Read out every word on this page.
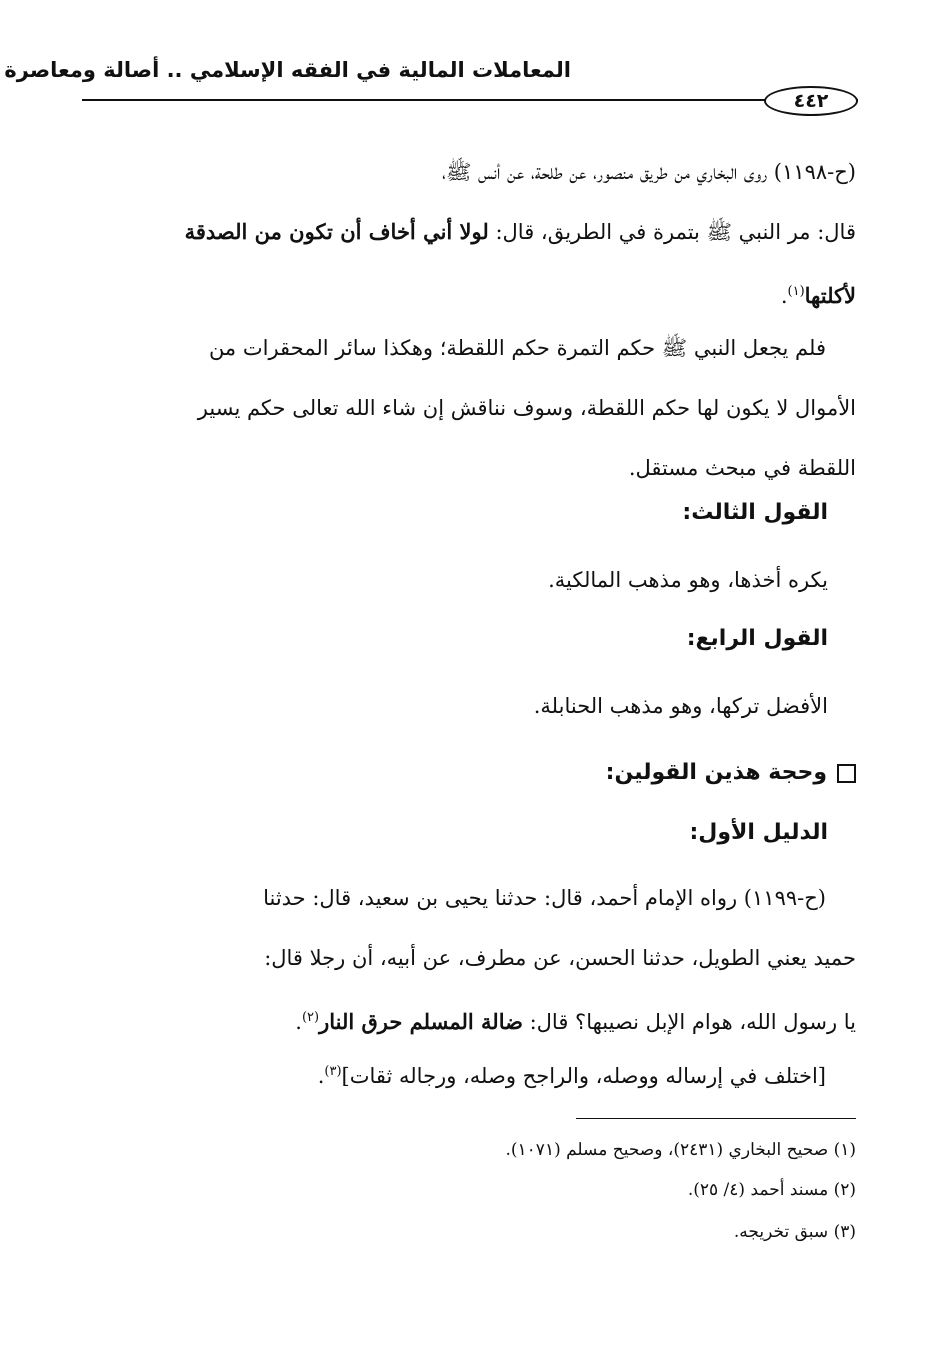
المعاملات المالية في الفقه الإسلامي .. أصالة ومعاصرة
٤٤٢
(ح-١١٩٨) روى البخاري من طريق منصور، عن طلحة، عن أنس ﷺ،
قال: مر النبي ﷺ بتمرة في الطريق، قال: لولا أني أخاف أن تكون من الصدقة
لأكلتها$^{(١)}$.
فلم يجعل النبي ﷺ حكم التمرة حكم اللقطة؛ وهكذا سائر المحقرات من
الأموال لا يكون لها حكم اللقطة، وسوف نناقش إن شاء الله تعالى حكم يسير
اللقطة في مبحث مستقل.
القول الثالث:
يكره أخذها، وهو مذهب المالكية.
القول الرابع:
الأفضل تركها، وهو مذهب الحنابلة.
وحجة هذين القولين:
الدليل الأول:
(ح-١١٩٩) رواه الإمام أحمد، قال: حدثنا يحيى بن سعيد، قال: حدثنا
حميد يعني الطويل، حدثنا الحسن، عن مطرف، عن أبيه، أن رجلا قال:
يا رسول الله، هوام الإبل نصيبها؟ قال: ضالة المسلم حرق النار$^{(٢)}$.
[اختلف في إرساله ووصله، والراجح وصله، ورجاله ثقات]$^{(٣)}$.
(١) صحيح البخاري (٢٤٣١)، وصحيح مسلم (١٠٧١).
(٢) مسند أحمد (٤/ ٢٥).
(٣) سبق تخريجه.
